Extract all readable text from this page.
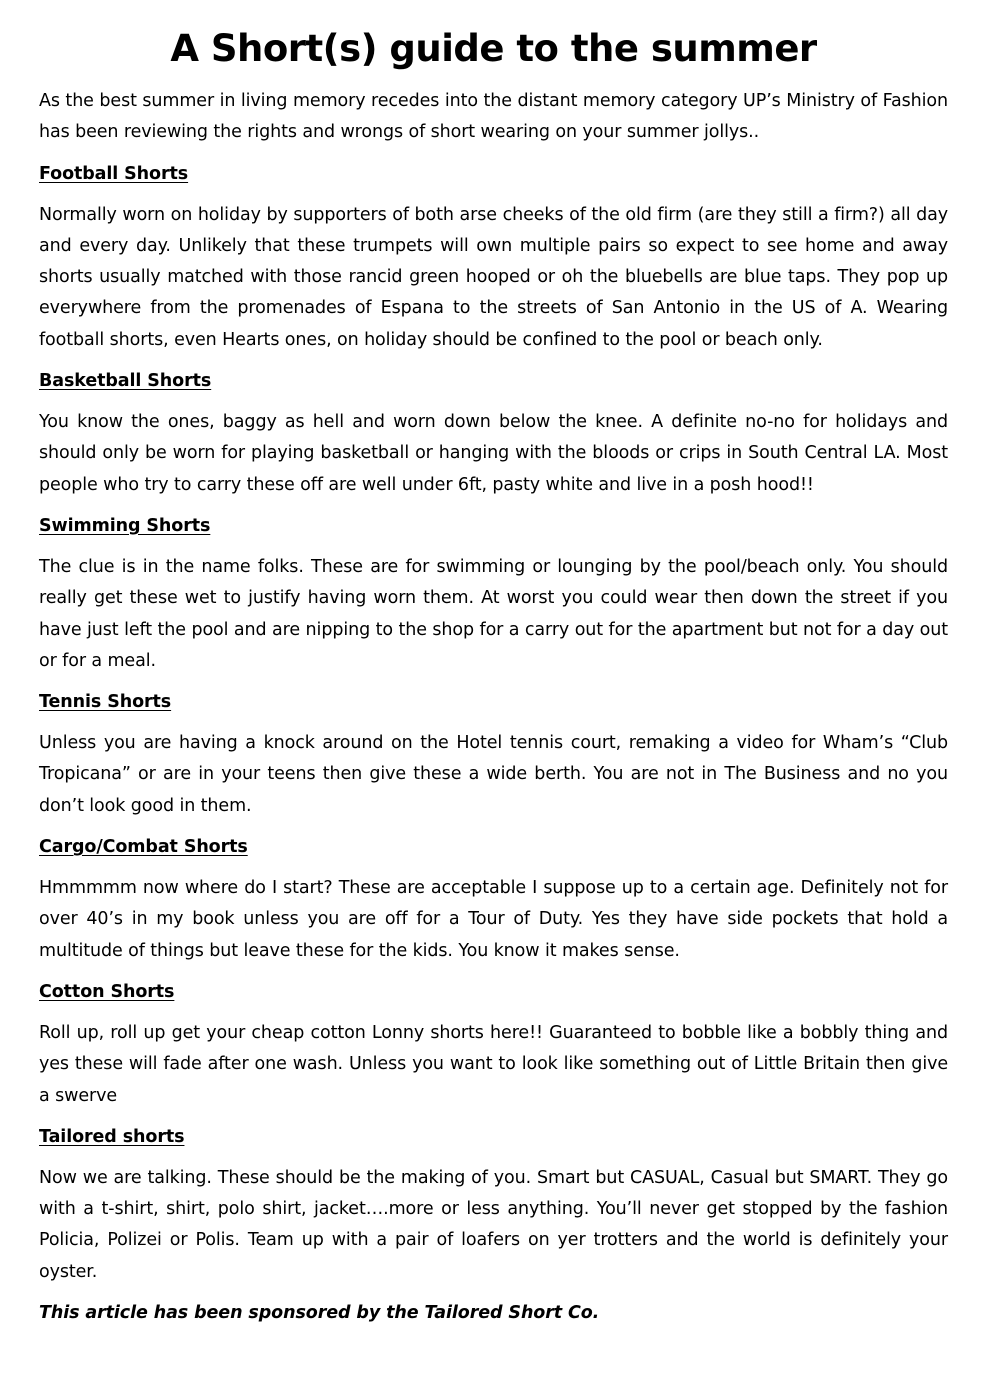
A Short(s) guide to the summer

As the best summer in living memory recedes into the distant memory category UP’s Ministry of Fashion has been reviewing the rights and wrongs of short wearing on your summer jollys..

Football Shorts

Normally worn on holiday by supporters of both arse cheeks of the old firm (are they still a firm?) all day and every day. Unlikely that these trumpets will own multiple pairs so expect to see home and away shorts usually matched with those rancid green hooped or oh the bluebells are blue taps. They pop up everywhere from the promenades of Espana to the streets of San Antonio in the US of A. Wearing football shorts, even Hearts ones, on holiday should be confined to the pool or beach only.

Basketball Shorts

You know the ones, baggy as hell and worn down below the knee. A definite no-no for holidays and should only be worn for playing basketball or hanging with the bloods or crips in South Central LA. Most people who try to carry these off are well under 6ft, pasty white and live in a posh hood!!

Swimming Shorts

The clue is in the name folks. These are for swimming or lounging by the pool/beach only. You should really get these wet to justify having worn them. At worst you could wear then down the street if you have just left the pool and are nipping to the shop for a carry out for the apartment but not for a day out or for a meal.

Tennis Shorts

Unless you are having a knock around on the Hotel tennis court, remaking a video for Wham’s “Club Tropicana” or are in your teens then give these a wide berth. You are not in The Business and no you don’t look good in them.

Cargo/Combat Shorts

Hmmmmm now where do I start? These are acceptable I suppose up to a certain age. Definitely not for over 40’s in my book unless you are off for a Tour of Duty. Yes they have side pockets that hold a multitude of things but leave these for the kids. You know it makes sense.

Cotton Shorts

Roll up, roll up get your cheap cotton Lonny shorts here!! Guaranteed to bobble like a bobbly thing and yes these will fade after one wash. Unless you want to look like something out of Little Britain then give a swerve

Tailored shorts

Now we are talking. These should be the making of you. Smart but CASUAL, Casual but SMART. They go with a t-shirt, shirt, polo shirt, jacket….more or less anything. You’ll never get stopped by the fashion Policia, Polizei or Polis. Team up with a pair of loafers on yer trotters and the world is definitely your oyster.

This article has been sponsored by the Tailored Short Co.
